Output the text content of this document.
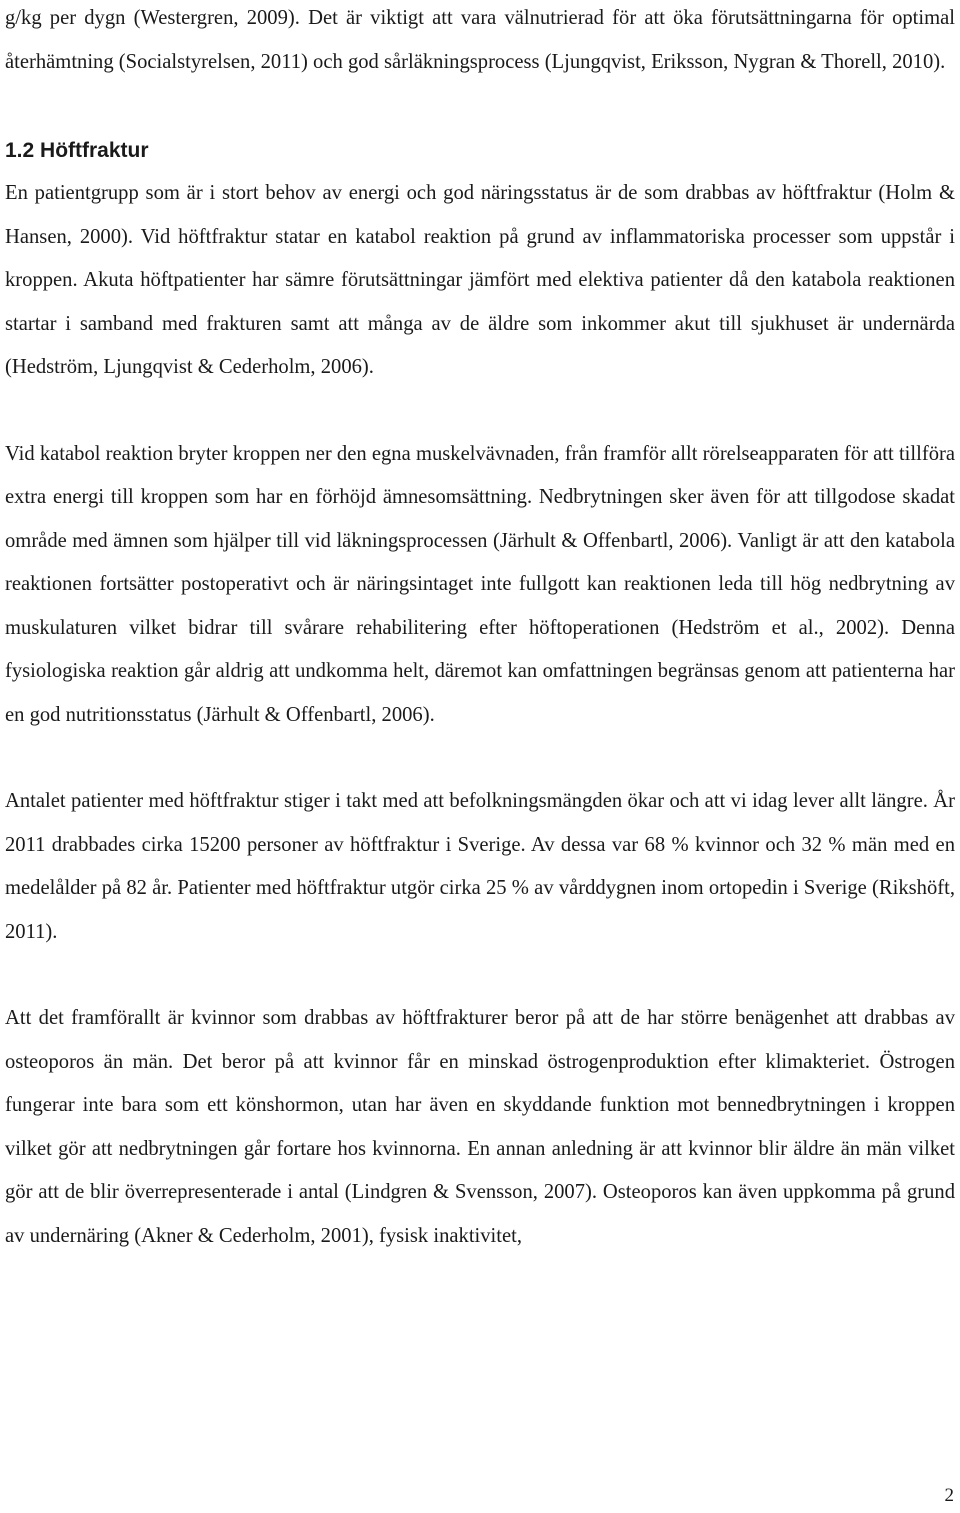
g/kg per dygn (Westergren, 2009). Det är viktigt att vara välnutrierad för att öka förutsättningarna för optimal återhämtning (Socialstyrelsen, 2011) och god sårläkningsprocess (Ljungqvist, Eriksson, Nygran & Thorell, 2010).

1.2 Höftfraktur

En patientgrupp som är i stort behov av energi och god näringsstatus är de som drabbas av höftfraktur (Holm & Hansen, 2000). Vid höftfraktur statar en katabol reaktion på grund av inflammatoriska processer som uppstår i kroppen. Akuta höftpatienter har sämre förutsättningar jämfört med elektiva patienter då den katabola reaktionen startar i samband med frakturen samt att många av de äldre som inkommer akut till sjukhuset är undernärda (Hedström, Ljungqvist & Cederholm, 2006).

Vid katabol reaktion bryter kroppen ner den egna muskelvävnaden, från framför allt rörelseapparaten för att tillföra extra energi till kroppen som har en förhöjd ämnesomsättning. Nedbrytningen sker även för att tillgodose skadat område med ämnen som hjälper till vid läkningsprocessen (Järhult & Offenbartl, 2006). Vanligt är att den katabola reaktionen fortsätter postoperativt och är näringsintaget inte fullgott kan reaktionen leda till hög nedbrytning av muskulaturen vilket bidrar till svårare rehabilitering efter höftoperationen (Hedström et al., 2002). Denna fysiologiska reaktion går aldrig att undkomma helt, däremot kan omfattningen begränsas genom att patienterna har en god nutritionsstatus (Järhult & Offenbartl, 2006).

Antalet patienter med höftfraktur stiger i takt med att befolkningsmängden ökar och att vi idag lever allt längre. År 2011 drabbades cirka 15200 personer av höftfraktur i Sverige. Av dessa var 68 % kvinnor och 32 % män med en medelålder på 82 år. Patienter med höftfraktur utgör cirka 25 % av vårddygnen inom ortopedin i Sverige (Rikshöft, 2011).

Att det framförallt är kvinnor som drabbas av höftfrakturer beror på att de har större benägenhet att drabbas av osteoporos än män. Det beror på att kvinnor får en minskad östrogenproduktion efter klimakteriet. Östrogen fungerar inte bara som ett könshormon, utan har även en skyddande funktion mot bennedbrytningen i kroppen vilket gör att nedbrytningen går fortare hos kvinnorna. En annan anledning är att kvinnor blir äldre än män vilket gör att de blir överrepresenterade i antal (Lindgren & Svensson, 2007). Osteoporos kan även uppkomma på grund av undernäring (Akner & Cederholm, 2001), fysisk inaktivitet,

2
